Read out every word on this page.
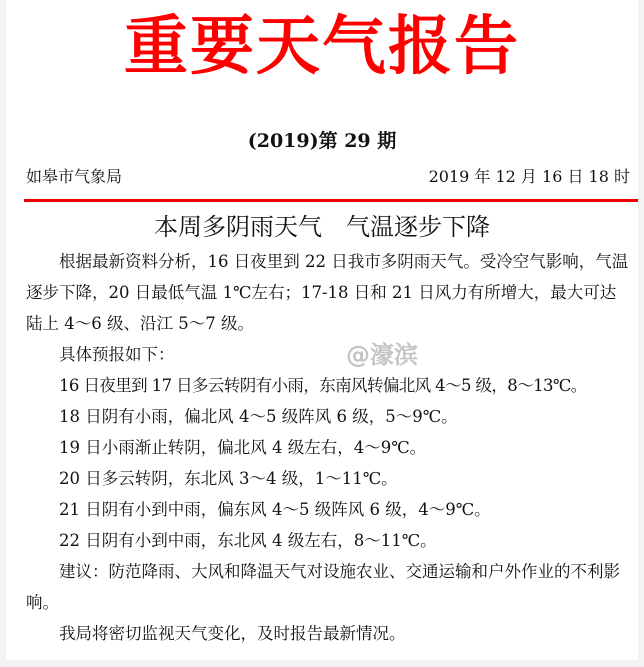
重要天气报告
(2019)第 29 期
如皋市气象局	2019 年 12 月 16 日 18 时
本周多阴雨天气　气温逐步下降

根据最新资料分析，16 日夜里到 22 日我市多阴雨天气。受冷空气影响，气温逐步下降，20 日最低气温 1℃左右；17-18 日和 21 日风力有所增大，最大可达陆上 4～6 级、沿江 5～7 级。

具体预报如下：

16 日夜里到 17 日多云转阴有小雨，东南风转偏北风 4～5 级，8～13℃。

18 日阴有小雨，偏北风 4～5 级阵风 6 级，5～9℃。

19 日小雨渐止转阴，偏北风 4 级左右，4～9℃。

20 日多云转阴，东北风 3～4 级，1～11℃。

21 日阴有小到中雨，偏东风 4～5 级阵风 6 级，4～9℃。

22 日阴有小到中雨，东北风 4 级左右，8～11℃。

建议：防范降雨、大风和降温天气对设施农业、交通运输和户外作业的不利影响。

我局将密切监视天气变化，及时报告最新情况。

@濠滨
